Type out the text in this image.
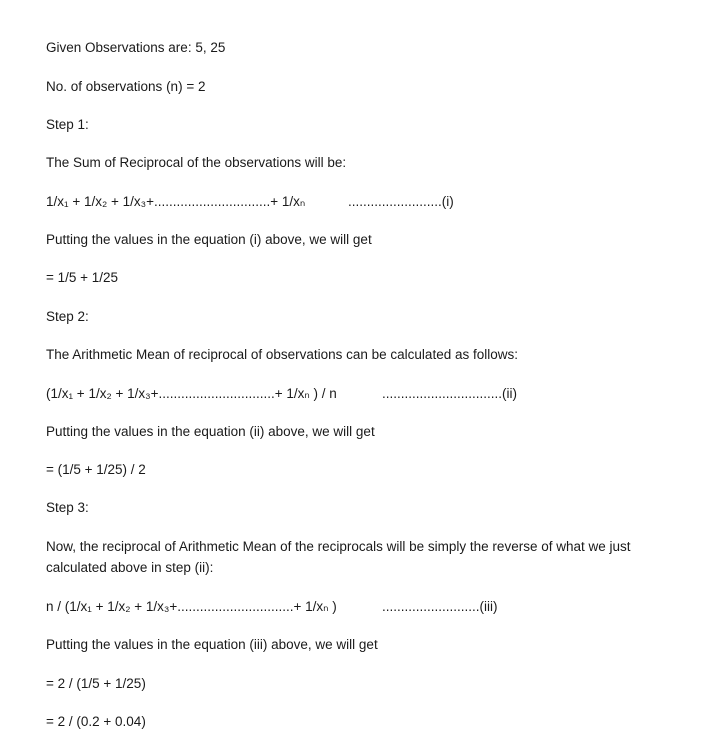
Given Observations are: 5, 25
No. of observations (n) = 2
Step 1:
The Sum of Reciprocal of the observations will be:
1/x₁ + 1/x₂ + 1/x₃+...............................+ 1/xₙ	.........................(i)
Putting the values in the equation (i) above, we will get
= 1/5 + 1/25
Step 2:
The Arithmetic Mean of reciprocal of observations can be calculated as follows:
(1/x₁ + 1/x₂ + 1/x₃+...............................+ 1/xₙ ) / n	................................(ii)
Putting the values in the equation (ii) above, we will get
= (1/5 + 1/25) / 2
Step 3:
Now, the reciprocal of Arithmetic Mean of the reciprocals will be simply the reverse of what we just calculated above in step (ii):
n / (1/x₁ + 1/x₂ + 1/x₃+...............................+ 1/xₙ )	..........................(iii)
Putting the values in the equation (iii) above, we will get
= 2 / (1/5 + 1/25)
= 2 / (0.2 + 0.04)
